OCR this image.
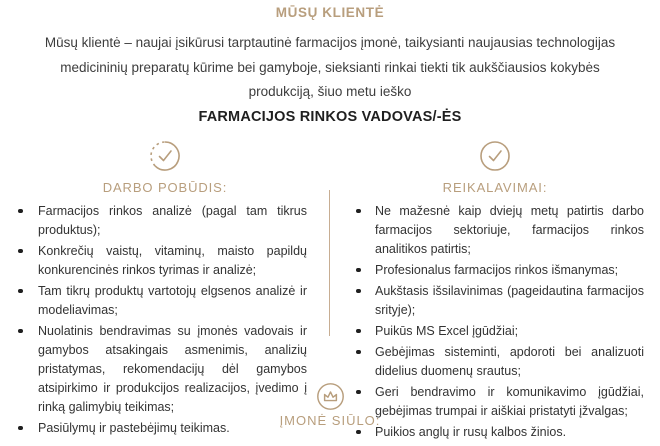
MŪSŲ KLIENTĖ

Mūsų klientė – naujai įsikūrusi tarptautinė farmacijos įmonė, taikysianti naujausias technologijas medicininių preparatų kūrime bei gamyboje, sieksianti rinkai tiekti tik aukščiausios kokybės produkciją, šiuo metu ieško

FARMACIJOS RINKOS VADOVAS/-ĖS
DARBO POBŪDIS:
Farmacijos rinkos analizė (pagal tam tikrus produktus);
Konkrečių vaistų, vitaminų, maisto papildų konkurencinės rinkos tyrimas ir analizė;
Tam tikrų produktų vartotojų elgsenos analizė ir modeliavimas;
Nuolatinis bendravimas su įmonės vadovais ir gamybos atsakingais asmenimis, analizių pristatymas, rekomendacijų dėl gamybos atsipirkimo ir produkcijos realizacijos, įvedimo į rinką galimybių teikimas;
Pasiūlymų ir pastebėjimų teikimas.
REIKALAVIMAI:
Ne mažesnė kaip dviejų metų patirtis darbo farmacijos sektoriuje, farmacijos rinkos analitikos patirtis;
Profesionalus farmacijos rinkos išmanymas;
Aukštasis išsilavinimas (pageidautina farmacijos srityje);
Puikūs MS Excel įgūdžiai;
Gebėjimas sisteminti, apdoroti bei analizuoti didelius duomenų srautus;
Geri bendravimo ir komunikavimo įgūdžiai, gebėjimas trumpai ir aiškiai pristatyti įžvalgas;
Puikios anglų ir rusų kalbos žinios.
ĮMONĖ SIŪLO:
